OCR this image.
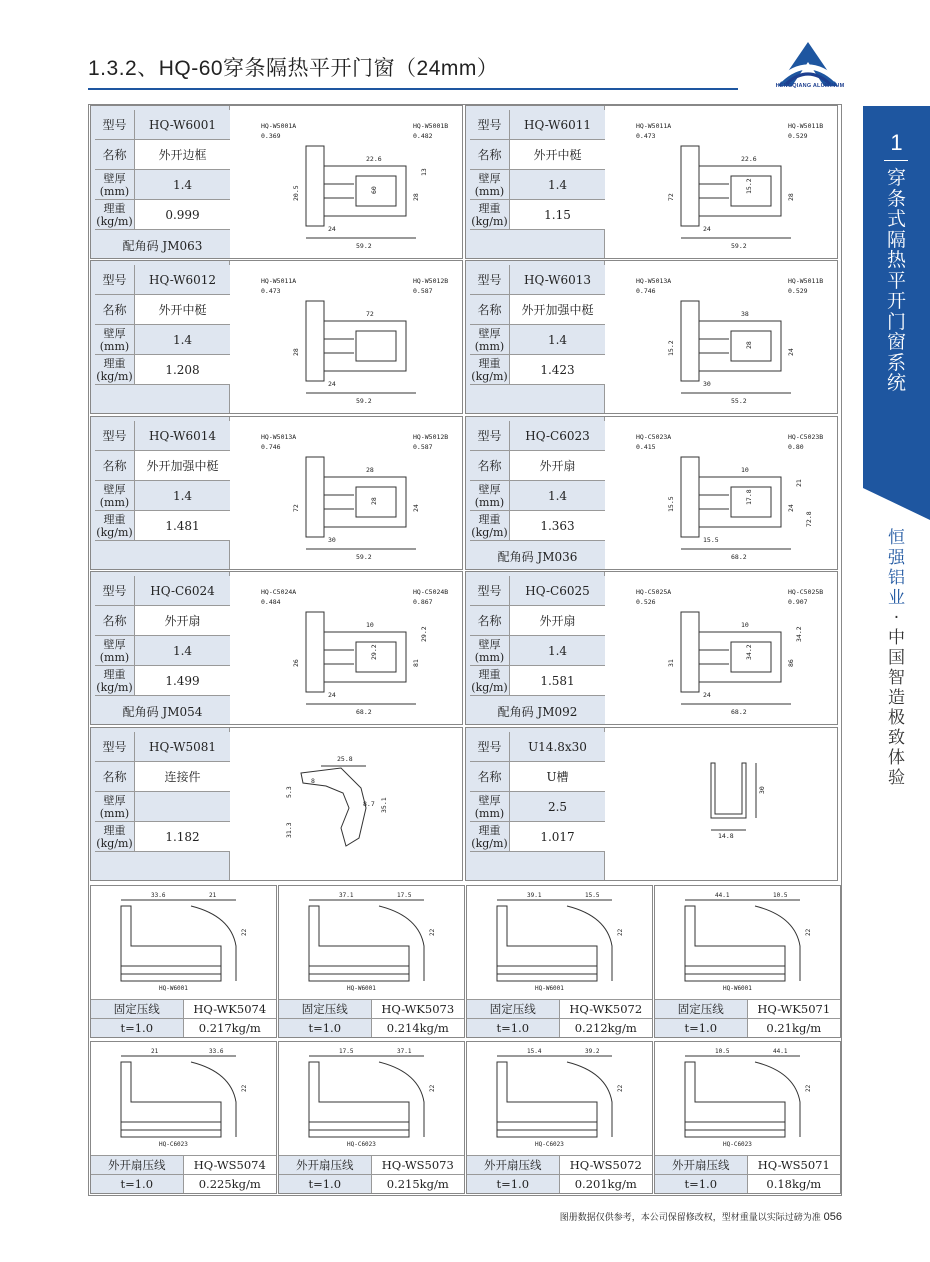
1.3.2、HQ-60穿条隔热平开门窗（24mm）
HENGQIANG ALUMINUM
1
穿
条
式
隔
热
平
开
门
窗
系
统
恒
强
铝
业
·
中
国
智
造
极
致
体
验
型号	HQ-W6001
名称	外开边框
壁厚
(mm)	1.4
理重
(kg/m)	0.999
配角码 JM063
HQ-W5001A
0.369
HQ-W5001B
0.482
59.2
24
22.6
20.5	28
60
13
型号	HQ-W6011
名称	外开中梃
壁厚
(mm)	1.4
理重
(kg/m)	1.15
HQ-W5011A
0.473
HQ-W5011B
0.529
59.2
24
22.6
72	28
15.2
型号	HQ-W6012
名称	外开中梃
壁厚
(mm)	1.4
理重
(kg/m)	1.208
HQ-W5011A
0.473
HQ-W5012B
0.587
59.2
24
72
28
型号	HQ-W6013
名称	外开加强中梃
壁厚
(mm)	1.4
理重
(kg/m)	1.423
HQ-W5013A
0.746
HQ-W5011B
0.529
55.2
30
38
15.2	24
28
型号	HQ-W6014
名称	外开加强中梃
壁厚
(mm)	1.4
理重
(kg/m)	1.481
HQ-W5013A
0.746
HQ-W5012B
0.587
59.2
30
28
72	24
28
型号	HQ-C6023
名称	外开扇
壁厚
(mm)	1.4
理重
(kg/m)	1.363
配角码 JM036
HQ-C5023A
0.415
HQ-C5023B
0.80
68.2
15.5
10
15.5	24
17.8
21
72.8
型号	HQ-C6024
名称	外开扇
壁厚
(mm)	1.4
理重
(kg/m)	1.499
配角码 JM054
HQ-C5024A
0.484
HQ-C5024B
0.867
68.2
24
10
26	81
29.2
29.2
型号	HQ-C6025
名称	外开扇
壁厚
(mm)	1.4
理重
(kg/m)	1.581
配角码 JM092
HQ-C5025A
0.526
HQ-C5025B
0.907
68.2
24
10
31	86
34.2
34.2
型号	HQ-W5081
名称	连接件
壁厚
(mm)
理重
(kg/m)	1.182
25.8
5.3
31.3
35.1
8
8.7
型号	U14.8x30
名称	U槽
壁厚
(mm)	2.5
理重
(kg/m)	1.017	14.8
30
33.6	21
22
HQ-W6001
固定压线	HQ-WK5074
t=1.0	0.217kg/m
37.1	17.5
22
HQ-W6001
固定压线	HQ-WK5073
t=1.0	0.214kg/m
39.1	15.5
22
HQ-W6001
固定压线	HQ-WK5072
t=1.0	0.212kg/m
44.1	10.5
22
HQ-W6001
固定压线	HQ-WK5071
t=1.0	0.21kg/m
21	33.6
22
HQ-C6023
外开扇压线	HQ-WS5074
t=1.0	0.225kg/m
17.5	37.1
22
HQ-C6023
外开扇压线	HQ-WS5073
t=1.0	0.215kg/m
15.4	39.2
22
HQ-C6023
外开扇压线	HQ-WS5072
t=1.0	0.201kg/m
10.5	44.1
22
HQ-C6023
外开扇压线	HQ-WS5071
t=1.0	0.18kg/m
图册数据仅供参考，本公司保留修改权，型材重量以实际过磅为准 056
